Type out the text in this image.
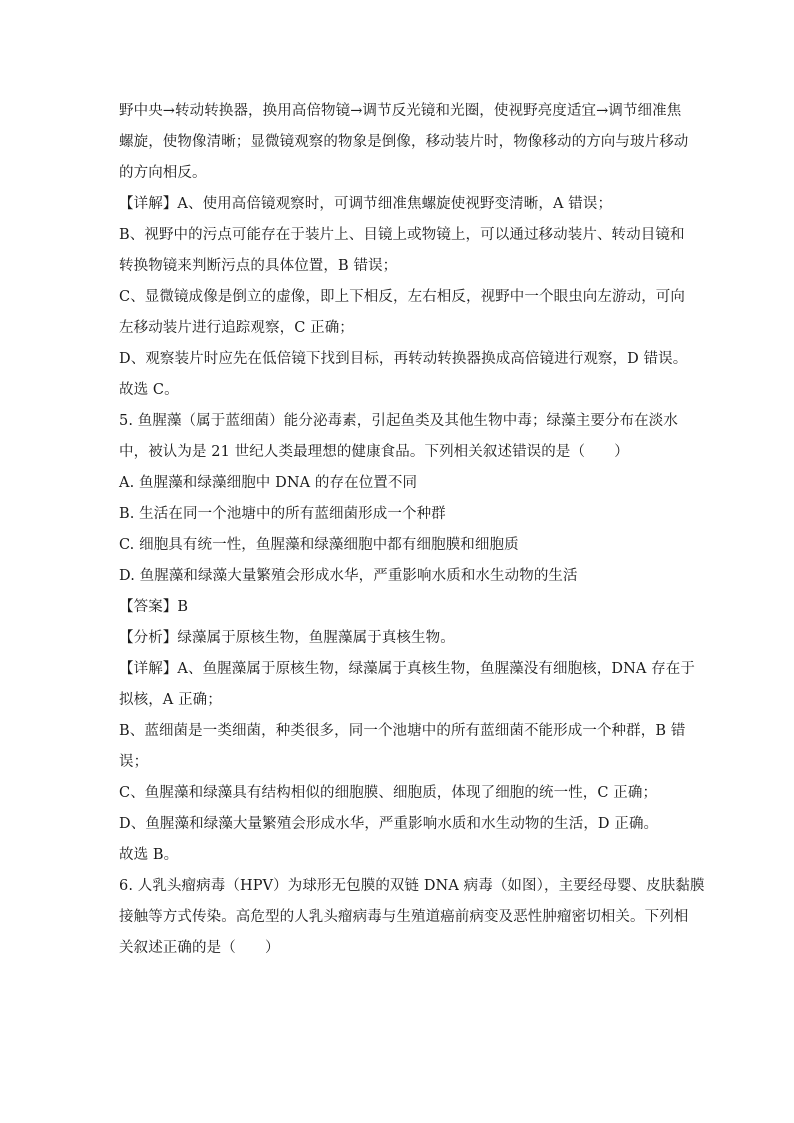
野中央→转动转换器，换用高倍物镜→调节反光镜和光圈，使视野亮度适宜→调节细准焦
螺旋，使物像清晰；显微镜观察的物象是倒像，移动装片时，物像移动的方向与玻片移动
的方向相反。
【详解】A、使用高倍镜观察时，可调节细准焦螺旋使视野变清晰，A 错误；
B、视野中的污点可能存在于装片上、目镜上或物镜上，可以通过移动装片、转动目镜和
转换物镜来判断污点的具体位置，B 错误；
C、显微镜成像是倒立的虚像，即上下相反，左右相反，视野中一个眼虫向左游动，可向
左移动装片进行追踪观察，C 正确；
D、观察装片时应先在低倍镜下找到目标，再转动转换器换成高倍镜进行观察，D 错误。
故选 C。
5. 鱼腥藻（属于蓝细菌）能分泌毒素，引起鱼类及其他生物中毒；绿藻主要分布在淡水
中，被认为是 21 世纪人类最理想的健康食品。下列相关叙述错误的是（　　）
A. 鱼腥藻和绿藻细胞中 DNA 的存在位置不同
B. 生活在同一个池塘中的所有蓝细菌形成一个种群
C. 细胞具有统一性，鱼腥藻和绿藻细胞中都有细胞膜和细胞质
D. 鱼腥藻和绿藻大量繁殖会形成水华，严重影响水质和水生动物的生活
【答案】B
【分析】绿藻属于原核生物，鱼腥藻属于真核生物。
【详解】A、鱼腥藻属于原核生物，绿藻属于真核生物，鱼腥藻没有细胞核，DNA 存在于
拟核，A 正确；
B、蓝细菌是一类细菌，种类很多，同一个池塘中的所有蓝细菌不能形成一个种群，B 错
误；
C、鱼腥藻和绿藻具有结构相似的细胞膜、细胞质，体现了细胞的统一性，C 正确；
D、鱼腥藻和绿藻大量繁殖会形成水华，严重影响水质和水生动物的生活，D 正确。
故选 B。
6. 人乳头瘤病毒（HPV）为球形无包膜的双链 DNA 病毒（如图），主要经母婴、皮肤黏膜
接触等方式传染。高危型的人乳头瘤病毒与生殖道癌前病变及恶性肿瘤密切相关。下列相
关叙述正确的是（　　）
